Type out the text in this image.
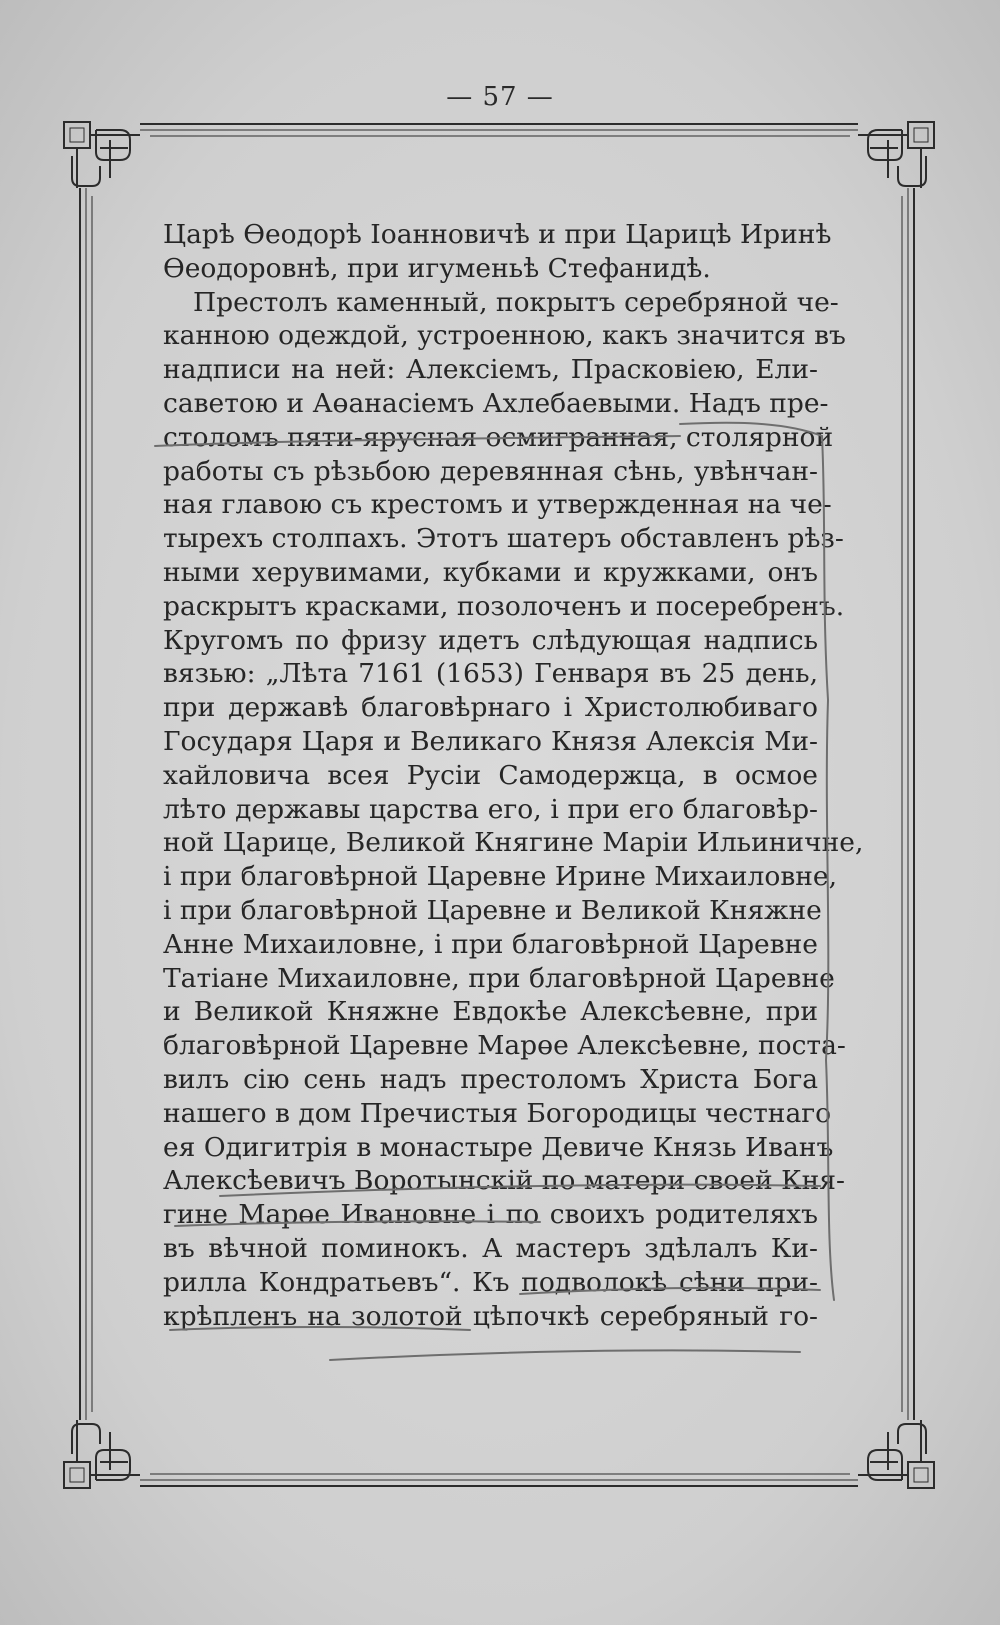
— 57 —
Царѣ Өеодорѣ Іоанновичѣ и при Царицѣ Иринѣ
Өеодоровнѣ, при игуменьѣ Стефанидѣ.
Престолъ каменный, покрытъ серебряной че-
канною одеждой, устроенною, какъ значится въ
надписи на ней: Алексіемъ, Прасковіею, Ели-
саветою и Аөанасіемъ Ахлебаевыми. Надъ пре-
столомъ пяти-ярусная осмигранная, столярной
работы съ рѣзьбою деревянная сѣнь, увѣнчан-
ная главою съ крестомъ и утвержденная на че-
тырехъ столпахъ. Этотъ шатеръ обставленъ рѣз-
ными херувимами, кубками и кружками, онъ
раскрытъ красками, позолоченъ и посеребренъ.
Кругомъ по фризу идетъ слѣдующая надпись
вязью: „Лѣта 7161 (1653) Генваря въ 25 день,
при державѣ благовѣрнаго і Христолюбиваго
Государя Царя и Великаго Князя Алексія Ми-
хайловича всея Русіи Самодержца, в осмое
лѣто державы царства его, і при его благовѣр-
ной Царице, Великой Княгине Маріи Ильиничне,
і при благовѣрной Царевне Ирине Михаиловне,
і при благовѣрной Царевне и Великой Княжне
Анне Михаиловне, і при благовѣрной Царевне
Татіане Михаиловне, при благовѣрной Царевне
и Великой Княжне Евдокѣе Алексѣевне, при
благовѣрной Царевне Марөе Алексѣевне, поста-
вилъ сію сень надъ престоломъ Христа Бога
нашего в дом Пречистыя Богородицы честнаго
ея Одигитрія в монастыре Девиче Князь Иванъ
Алексѣевичъ Воротынскій по матери своей Кня-
гине Марөе Ивановне і по своихъ родителяхъ
въ вѣчной поминокъ. А мастеръ здѣлалъ Ки-
рилла Кондратьевъ“. Къ подволокѣ сѣни при-
крѣпленъ на золотой цѣпочкѣ серебряный го-
